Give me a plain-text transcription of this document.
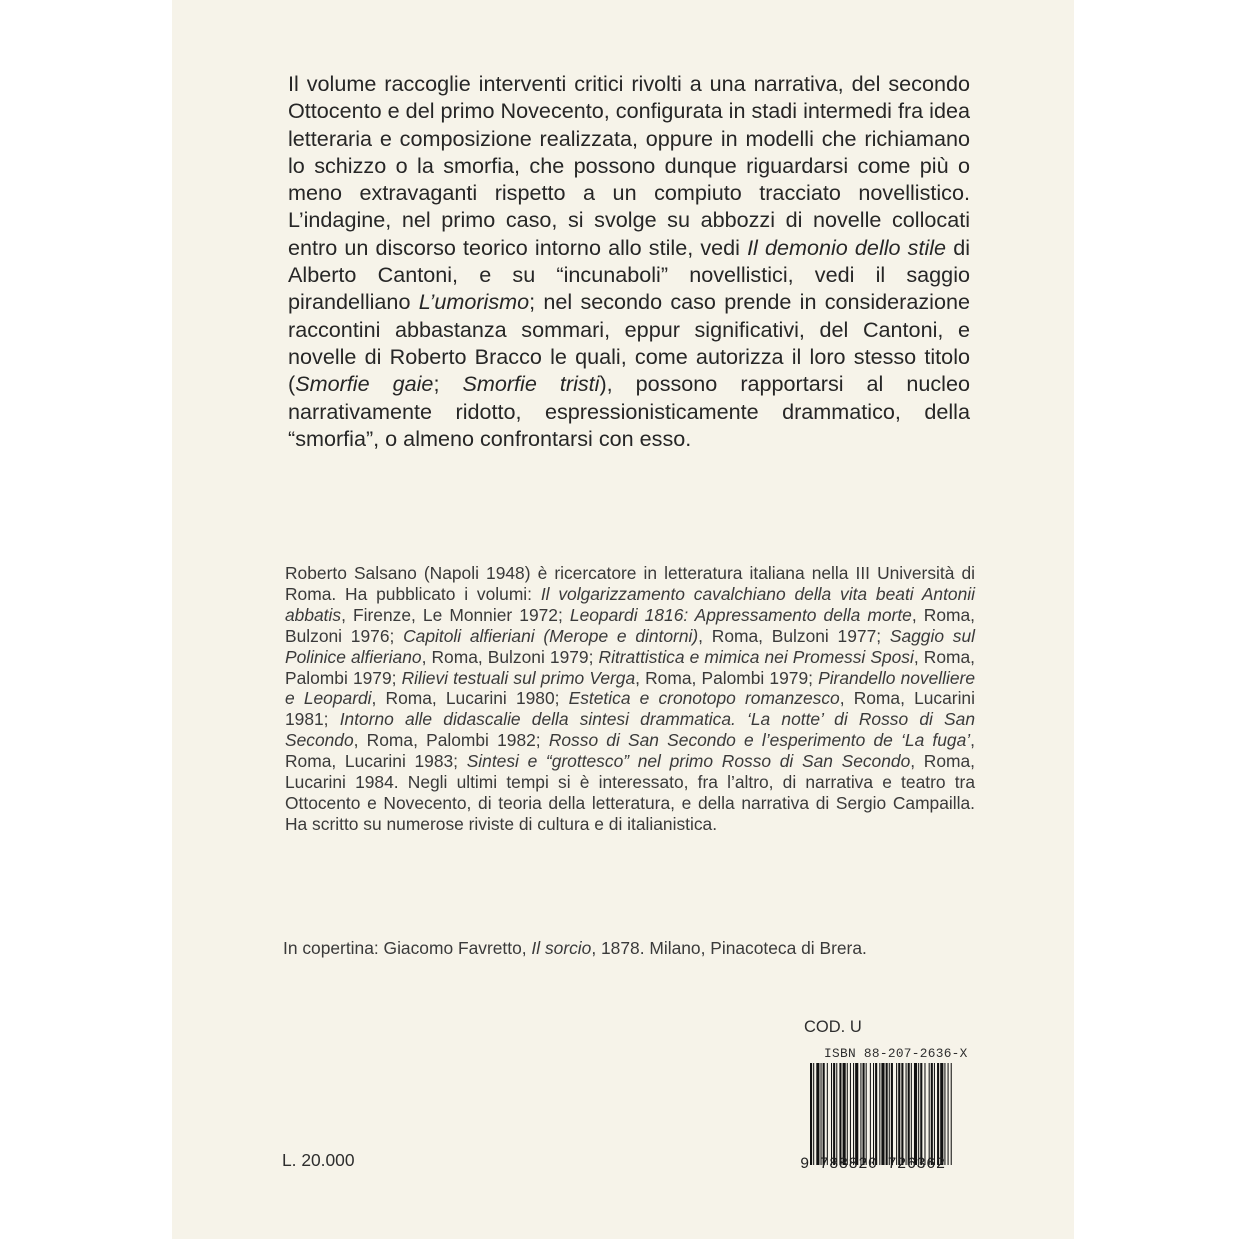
Il volume raccoglie interventi critici rivolti a una narrativa, del secondo Ottocento e del primo Novecento, configurata in stadi intermedi fra idea letteraria e composizione realizzata, oppure in modelli che richiamano lo schizzo o la smorfia, che possono dunque riguardarsi come più o meno extravaganti rispetto a un compiuto tracciato novellistico. L’indagine, nel primo caso, si svolge su abbozzi di novelle collocati entro un discorso teorico intorno allo stile, vedi Il demonio dello stile di Alberto Cantoni, e su “incunaboli” novellistici, vedi il saggio pirandelliano L’umorismo; nel secondo caso prende in considerazione raccontini abbastanza sommari, eppur significativi, del Cantoni, e novelle di Roberto Bracco le quali, come autorizza il loro stesso titolo (Smorfie gaie; Smorfie tristi), possono rapportarsi al nucleo narrativamente ridotto, espressionisticamente drammatico, della “smorfia”, o almeno confrontarsi con esso.

Roberto Salsano (Napoli 1948) è ricercatore in letteratura italiana nella III Università di Roma. Ha pubblicato i volumi: Il volgarizzamento cavalchiano della vita beati Antonii abbatis, Firenze, Le Monnier 1972; Leopardi 1816: Appressamento della morte, Roma, Bulzoni 1976; Capitoli alfieriani (Merope e dintorni), Roma, Bulzoni 1977; Saggio sul Polinice alfieriano, Roma, Bulzoni 1979; Ritrattistica e mimica nei Promessi Sposi, Roma, Palombi 1979; Rilievi testuali sul primo Verga, Roma, Palombi 1979; Pirandello novelliere e Leopardi, Roma, Lucarini 1980; Estetica e cronotopo romanzesco, Roma, Lucarini 1981; Intorno alle didascalie della sintesi drammatica. ‘La notte’ di Rosso di San Secondo, Roma, Palombi 1982; Rosso di San Secondo e l’esperimento de ‘La fuga’, Roma, Lucarini 1983; Sintesi e “grottesco” nel primo Rosso di San Secondo, Roma, Lucarini 1984. Negli ultimi tempi si è interessato, fra l’altro, di narrativa e teatro tra Ottocento e Novecento, di teoria della letteratura, e della narrativa di Sergio Campailla. Ha scritto su numerose riviste di cultura e di italianistica.

In copertina: Giacomo Favretto, Il sorcio, 1878. Milano, Pinacoteca di Brera.

COD. U
ISBN 88-207-2636-X
9 788820 726362
L. 20.000
